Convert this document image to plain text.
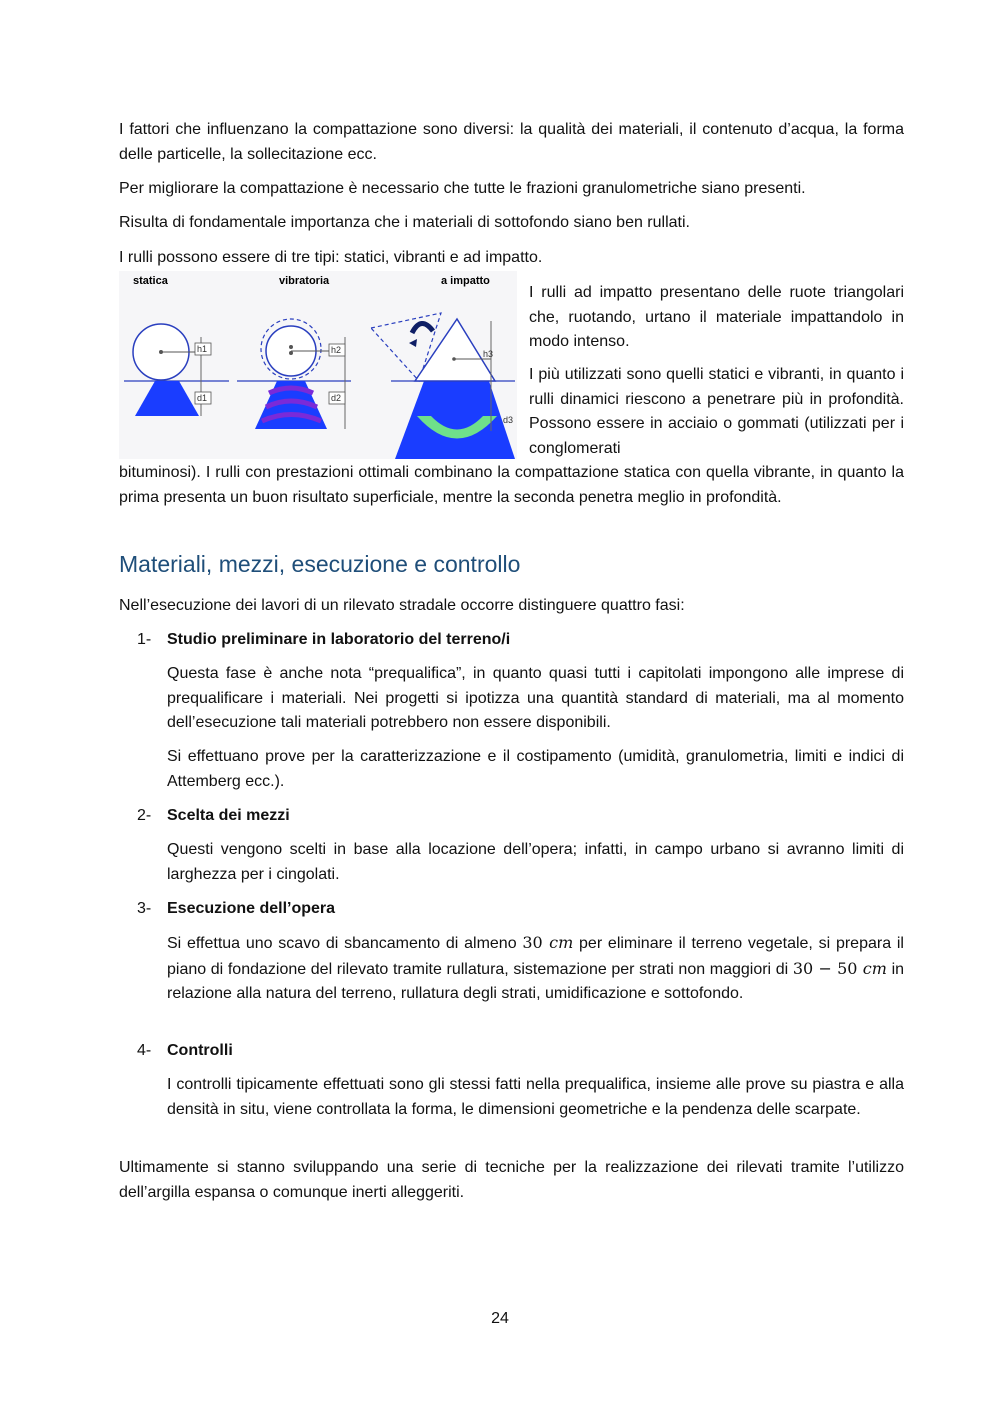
I fattori che influenzano la compattazione sono diversi: la qualità dei materiali, il contenuto d’acqua, la forma delle particelle, la sollecitazione ecc.

Per migliorare la compattazione è necessario che tutte le frazioni granulometriche siano presenti.

Risulta di fondamentale importanza che i materiali di sottofondo siano ben rullati.

I rulli possono essere di tre tipi: statici, vibranti e ad impatto.

statica	vibratoria	a impatto
h1
d1
h2
d2
h3
d3

I rulli ad impatto presentano delle ruote triangolari che, ruotando, urtano il materiale impattandolo in modo intenso.

I più utilizzati sono quelli statici e vibranti, in quanto i rulli dinamici riescono a penetrare più in profondità. Possono essere in acciaio o gommati (utilizzati per i conglomerati

bituminosi). I rulli con prestazioni ottimali combinano la compattazione statica con quella vibrante, in quanto la prima presenta un buon risultato superficiale, mentre la seconda penetra meglio in profondità.

Materiali, mezzi, esecuzione e controllo

Nell’esecuzione dei lavori di un rilevato stradale occorre distinguere quattro fasi:

1- Studio preliminare in laboratorio del terreno/i

Questa fase è anche nota “prequalifica”, in quanto quasi tutti i capitolati impongono alle imprese di prequalificare i materiali. Nei progetti si ipotizza una quantità standard di materiali, ma al momento dell’esecuzione tali materiali potrebbero non essere disponibili.

Si effettuano prove per la caratterizzazione e il costipamento (umidità, granulometria, limiti e indici di Attemberg ecc.).

2- Scelta dei mezzi

Questi vengono scelti in base alla locazione dell’opera; infatti, in campo urbano si avranno limiti di larghezza per i cingolati.

3- Esecuzione dell’opera

Si effettua uno scavo di sbancamento di almeno 30 cm per eliminare il terreno vegetale, si prepara il piano di fondazione del rilevato tramite rullatura, sistemazione per strati non maggiori di 30 − 50 cm in relazione alla natura del terreno, rullatura degli strati, umidificazione e sottofondo.

4- Controlli

I controlli tipicamente effettuati sono gli stessi fatti nella prequalifica, insieme alle prove su piastra e alla densità in situ, viene controllata la forma, le dimensioni geometriche e la pendenza delle scarpate.

Ultimamente si stanno sviluppando una serie di tecniche per la realizzazione dei rilevati tramite l’utilizzo dell’argilla espansa o comunque inerti alleggeriti.

24
